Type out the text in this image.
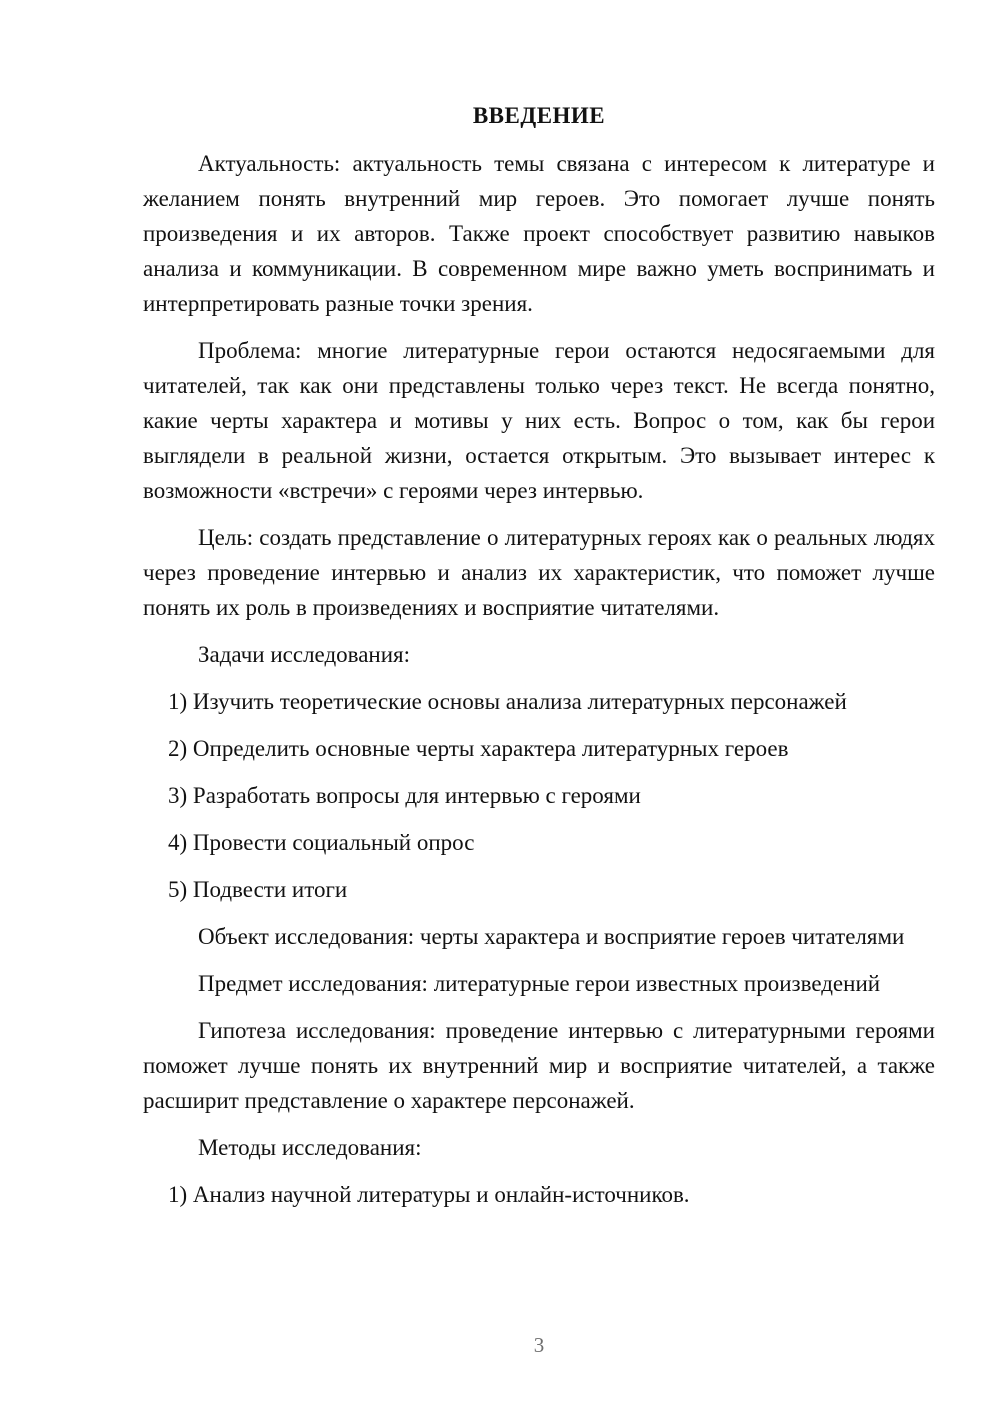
ВВЕДЕНИЕ

Актуальность: актуальность темы связана с интересом к литературе и желанием понять внутренний мир героев. Это помогает лучше понять произведения и их авторов. Также проект способствует развитию навыков анализа и коммуникации. В современном мире важно уметь воспринимать и интерпретировать разные точки зрения.

Проблема: многие литературные герои остаются недосягаемыми для читателей, так как они представлены только через текст. Не всегда понятно, какие черты характера и мотивы у них есть. Вопрос о том, как бы герои выглядели в реальной жизни, остается открытым. Это вызывает интерес к возможности «встречи» с героями через интервью.

Цель: создать представление о литературных героях как о реальных людях через проведение интервью и анализ их характеристик, что поможет лучше понять их роль в произведениях и восприятие читателями.

Задачи исследования:

1) Изучить теоретические основы анализа литературных персонажей

2) Определить основные черты характера литературных героев

3) Разработать вопросы для интервью с героями

4) Провести социальный опрос

5) Подвести итоги

Объект исследования: черты характера и восприятие героев читателями

Предмет исследования: литературные герои известных произведений

Гипотеза исследования: проведение интервью с литературными героями поможет лучше понять их внутренний мир и восприятие читателей, а также расширит представление о характере персонажей.

Методы исследования:

1) Анализ научной литературы и онлайн-источников.

3
